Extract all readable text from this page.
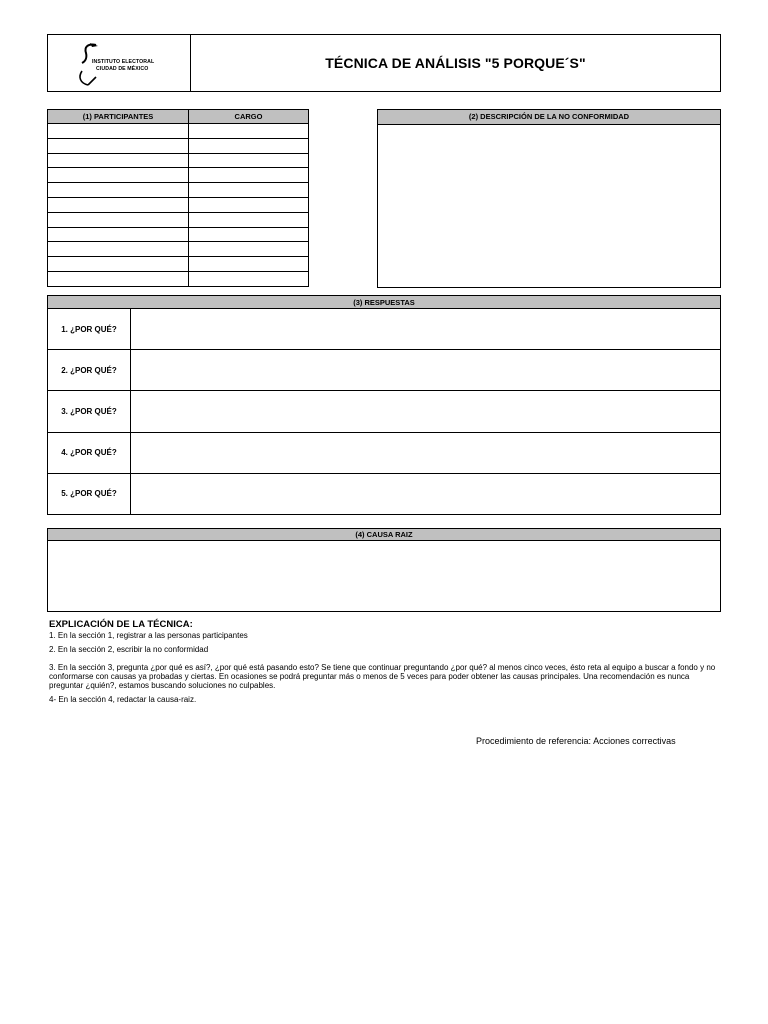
INSTITUTO ELECTORAL
CIUDAD DE MÉXICO	TÉCNICA DE ANÁLISIS "5 PORQUE´S"
(1) PARTICIPANTES	CARGO

		(2) DESCRIPCIÓN DE LA NO CONFORMIDAD
(3) RESPUESTAS	
1. ¿POR QUÉ?	
2. ¿POR QUÉ?	
3. ¿POR QUÉ?	
4. ¿POR QUÉ?	
5. ¿POR QUÉ?	
(4) CAUSA RAIZ
EXPLICACIÓN DE LA TÉCNICA:

1. En la sección 1, registrar a las personas participantes

2. En la sección 2, escribir la no conformidad

3. En la sección 3, pregunta ¿por qué es así?, ¿por qué está pasando esto? Se tiene que continuar preguntando ¿por qué? al menos cinco veces, ésto reta al equipo a buscar a fondo y no conformarse con causas ya probadas y ciertas. En ocasiones se podrá preguntar más o menos de 5 veces para poder obtener las causas principales. Una recomendación es nunca preguntar ¿quién?, estamos buscando soluciones no culpables.

4- En la sección 4, redactar la causa-raiz.

Procedimiento de referencia: Acciones correctivas
